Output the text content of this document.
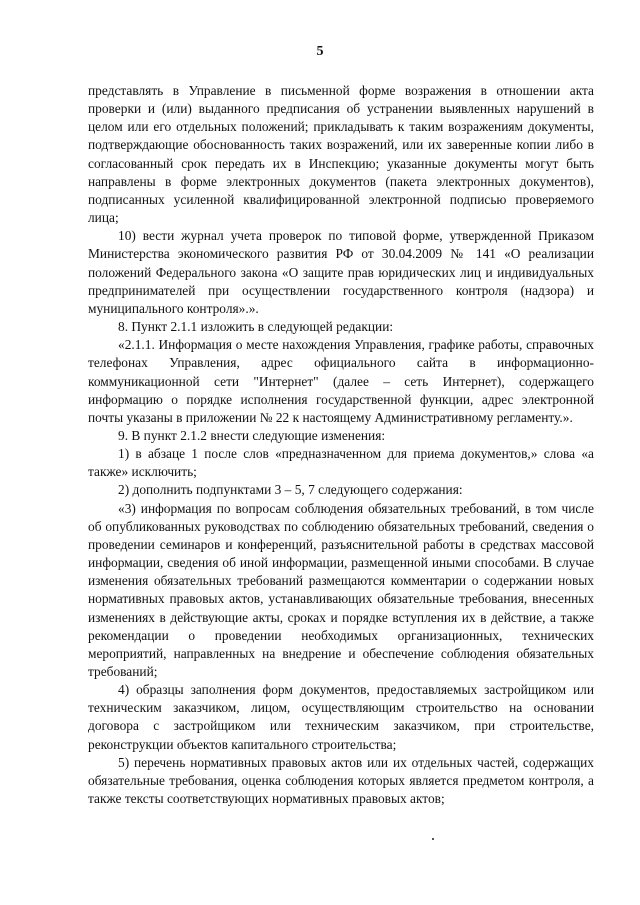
5

представлять в Управление в письменной форме возражения в отношении акта проверки и (или) выданного предписания об устранении выявленных нарушений в целом или его отдельных положений; прикладывать к таким возражениям документы, подтверждающие обоснованность таких возражений, или их заверенные копии либо в согласованный срок передать их в Инспекцию; указанные документы могут быть направлены в форме электронных документов (пакета электронных документов), подписанных усиленной квалифицированной электронной подписью проверяемого лица;

10) вести журнал учета проверок по типовой форме, утвержденной Приказом Министерства экономического развития РФ от 30.04.2009 № 141 «О реализации положений Федерального закона «О защите прав юридических лиц и индивидуальных предпринимателей при осуществлении государственного контроля (надзора) и муниципального контроля».».

8. Пункт 2.1.1 изложить в следующей редакции:

«2.1.1. Информация о месте нахождения Управления, графике работы, справочных телефонах Управления, адрес официального сайта в информационно-коммуникационной сети "Интернет" (далее – сеть Интернет), содержащего информацию о порядке исполнения государственной функции, адрес электронной почты указаны в приложении № 22 к настоящему Административному регламенту.».

9. В пункт 2.1.2 внести следующие изменения:

1) в абзаце 1 после слов «предназначенном для приема документов,» слова «а также» исключить;

2) дополнить подпунктами 3 – 5, 7 следующего содержания:

«3) информация по вопросам соблюдения обязательных требований, в том числе об опубликованных руководствах по соблюдению обязательных требований, сведения о проведении семинаров и конференций, разъяснительной работы в средствах массовой информации, сведения об иной информации, размещенной иными способами. В случае изменения обязательных требований размещаются комментарии о содержании новых нормативных правовых актов, устанавливающих обязательные требования, внесенных изменениях в действующие акты, сроках и порядке вступления их в действие, а также рекомендации о проведении необходимых организационных, технических мероприятий, направленных на внедрение и обеспечение соблюдения обязательных требований;

4) образцы заполнения форм документов, предоставляемых застройщиком или техническим заказчиком, лицом, осуществляющим строительство на основании договора с застройщиком или техническим заказчиком, при строительстве, реконструкции объектов капитального строительства;

5) перечень нормативных правовых актов или их отдельных частей, содержащих обязательные требования, оценка соблюдения которых является предметом контроля, а также тексты соответствующих нормативных правовых актов;
